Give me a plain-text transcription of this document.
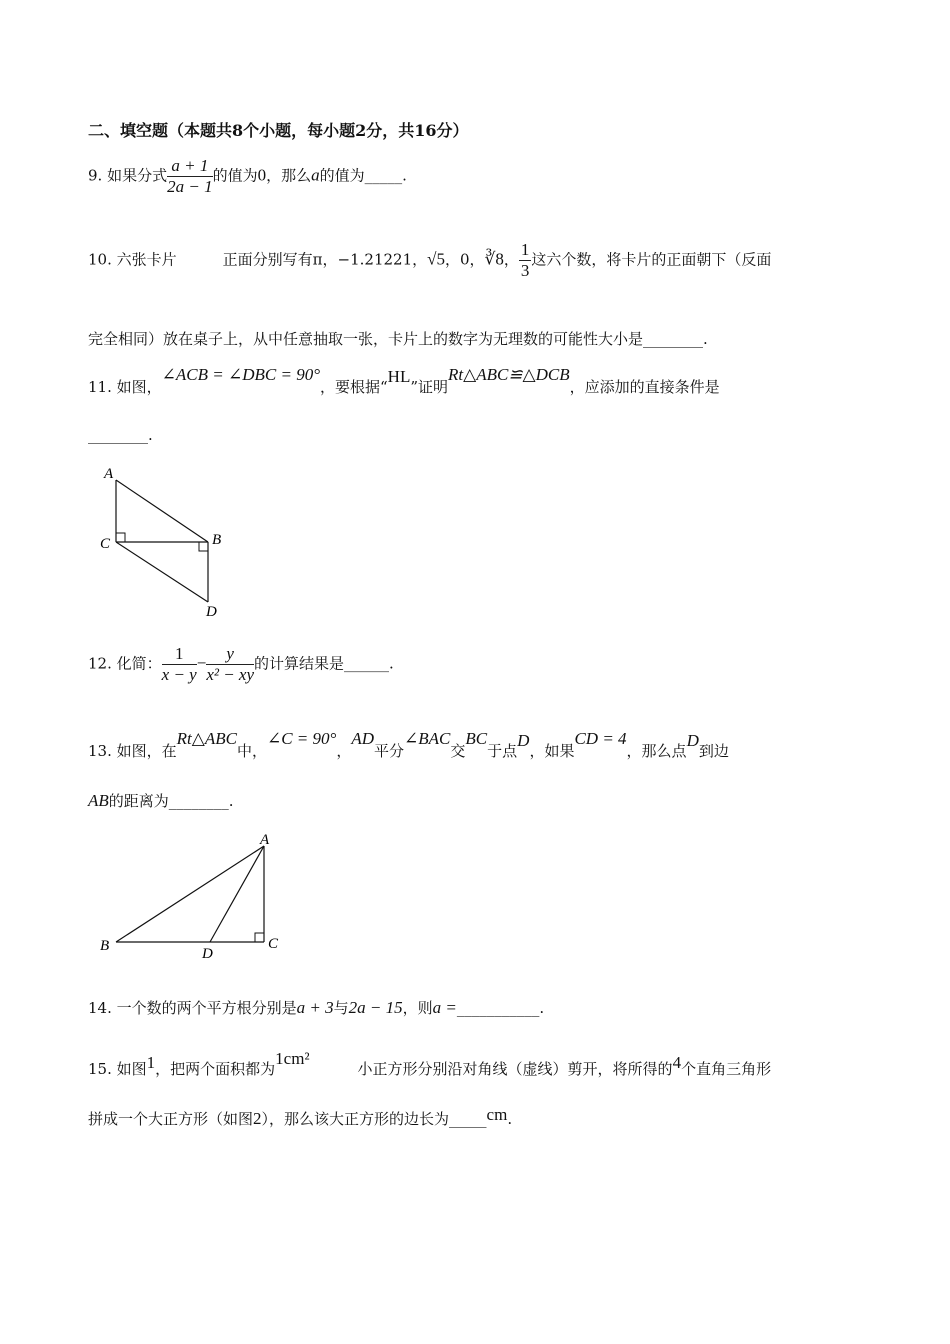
二、填空题（本题共8个小题，每小题2分，共16分）
9. 如果分式 $\frac{a + 1}{2a - 1}$ 的值为0，那么a的值为_____.
10. 六张卡片	正面分别写有π，−1.21221，√5，0，∛8， $\frac{1}{3}$ 这六个数，将卡片的正面朝下（反面
完全相同）放在桌子上，从中任意抽取一张，卡片上的数字为无理数的可能性大小是________.
11. 如图，∠ACB = ∠DBC = 90°，要根据“HL”证明Rt△ABC≌△DCB，应添加的直接条件是
________.
A
C	B
D
12. 化简： $\frac{1}{x - y} - \frac{y}{\text{x² − xy}}$ 的计算结果是______.
13. 如图，在Rt△ABC中，∠C = 90°，AD平分∠BAC交BC于点D，如果CD = 4，那么点D到边
AB的距离为________.
A
B	D
C
14. 一个数的两个平方根分别是a + 3与2a − 15，则a =___________.
15. 如图1，把两个面积都为1cm²小正方形分别沿对角线（虚线）剪开，将所得的4个直角三角形
拼成一个大正方形（如图2），那么该大正方形的边长为_____cm.
